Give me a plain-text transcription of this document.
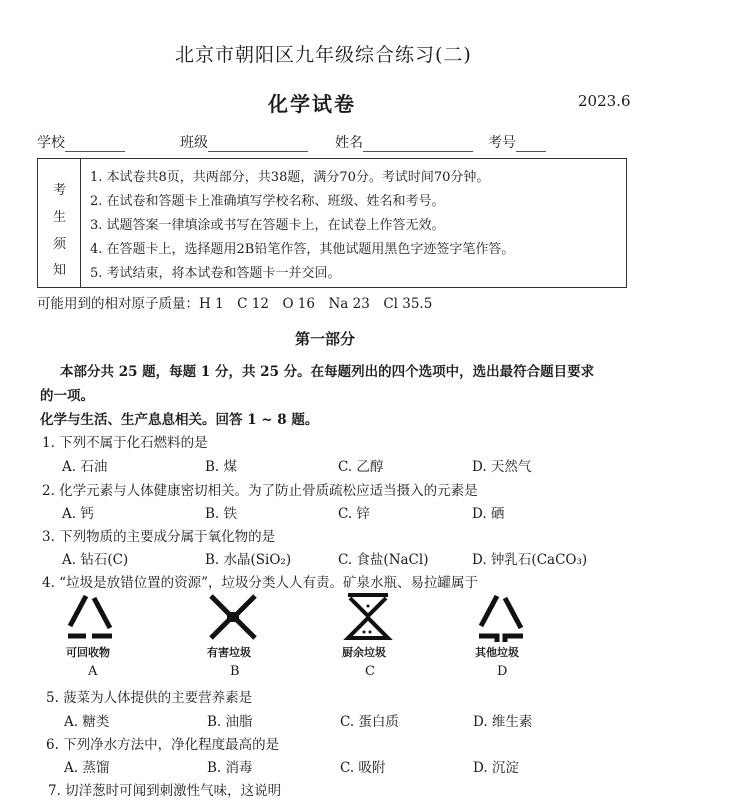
北京市朝阳区九年级综合练习(二)
化学试卷	2023.6
学校	班级	姓名	考号
考
生
须
知
1. 本试卷共8页，共两部分，共38题，满分70分。考试时间70分钟。
2. 在试卷和答题卡上准确填写学校名称、班级、姓名和考号。
3. 试题答案一律填涂或书写在答题卡上，在试卷上作答无效。
4. 在答题卡上，选择题用2B铅笔作答，其他试题用黑色字迹签字笔作答。
5. 考试结束，将本试卷和答题卡一并交回。
可能用到的相对原子质量：H 1　C 12　O 16　Na 23　Cl 35.5
第一部分
本部分共 25 题，每题 1 分，共 25 分。在每题列出的四个选项中，选出最符合题目要求
的一项。
化学与生活、生产息息相关。回答 1 ~ 8 题。
1. 下列不属于化石燃料的是
A. 石油	B. 煤	C. 乙醇	D. 天然气
2. 化学元素与人体健康密切相关。为了防止骨质疏松应适当摄入的元素是
A. 钙	B. 铁	C. 锌	D. 硒
3. 下列物质的主要成分属于氧化物的是
A. 钻石(C)	B. 水晶(SiO₂)	C. 食盐(NaCl)	D. 钟乳石(CaCO₃)
4. “垃圾是放错位置的资源”，垃圾分类人人有责。矿泉水瓶、易拉罐属于
可回收物	有害垃圾	厨余垃圾	其他垃圾
A	B	C	D
5. 菠菜为人体提供的主要营养素是
A. 糖类	B. 油脂	C. 蛋白质	D. 维生素
6. 下列净水方法中，净化程度最高的是
A. 蒸馏	B. 消毒	C. 吸附	D. 沉淀
7. 切洋葱时可闻到刺激性气味，这说明
